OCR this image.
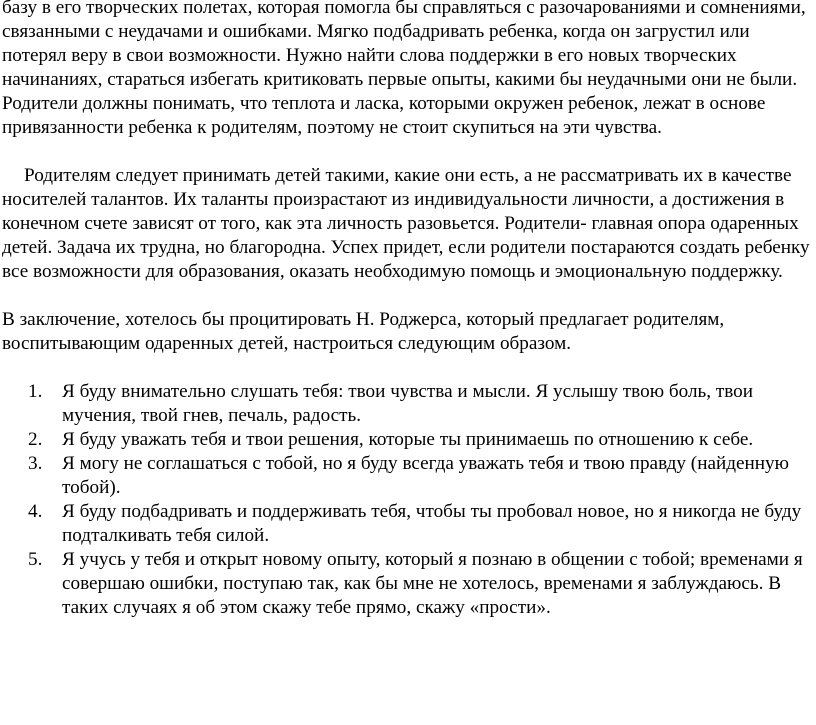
базу в его творческих полетах, которая помогла бы справляться с разочарованиями и сомнениями, связанными с неудачами и ошибками. Мягко подбадривать ребенка, когда он загрустил или потерял веру в свои возможности. Нужно найти слова поддержки в его новых творческих начинаниях, стараться избегать критиковать первые опыты, какими бы неудачными они не были. Родители должны понимать, что теплота и ласка, которыми окружен ребенок, лежат в основе привязанности ребенка к родителям, поэтому не стоит скупиться на эти чувства.

Родителям следует принимать детей такими, какие они есть, а не рассматривать их в качестве носителей талантов. Их таланты произрастают из индивидуальности личности, а достижения в конечном счете зависят от того, как эта личность разовьется. Родители- главная опора одаренных детей. Задача их трудна, но благородна. Успех придет, если родители постараются создать ребенку все возможности для образования, оказать необходимую помощь и эмоциональную поддержку.

В заключение, хотелось бы процитировать Н. Роджерса, который предлагает родителям, воспитывающим одаренных детей, настроиться следующим образом.

1. Я буду внимательно слушать тебя: твои чувства и мысли. Я услышу твою боль, твои мучения, твой гнев, печаль, радость.
2. Я буду уважать тебя и твои решения, которые ты принимаешь по отношению к себе.
3. Я могу не соглашаться с тобой, но я буду всегда уважать тебя и твою правду (найденную тобой).
4. Я буду подбадривать и поддерживать тебя, чтобы ты пробовал новое, но я никогда не буду подталкивать тебя силой.
5. Я учусь у тебя и открыт новому опыту, который я познаю в общении с тобой; временами я совершаю ошибки, поступаю так, как бы мне не хотелось, временами я заблуждаюсь. В таких случаях я об этом скажу тебе прямо, скажу «прости».
